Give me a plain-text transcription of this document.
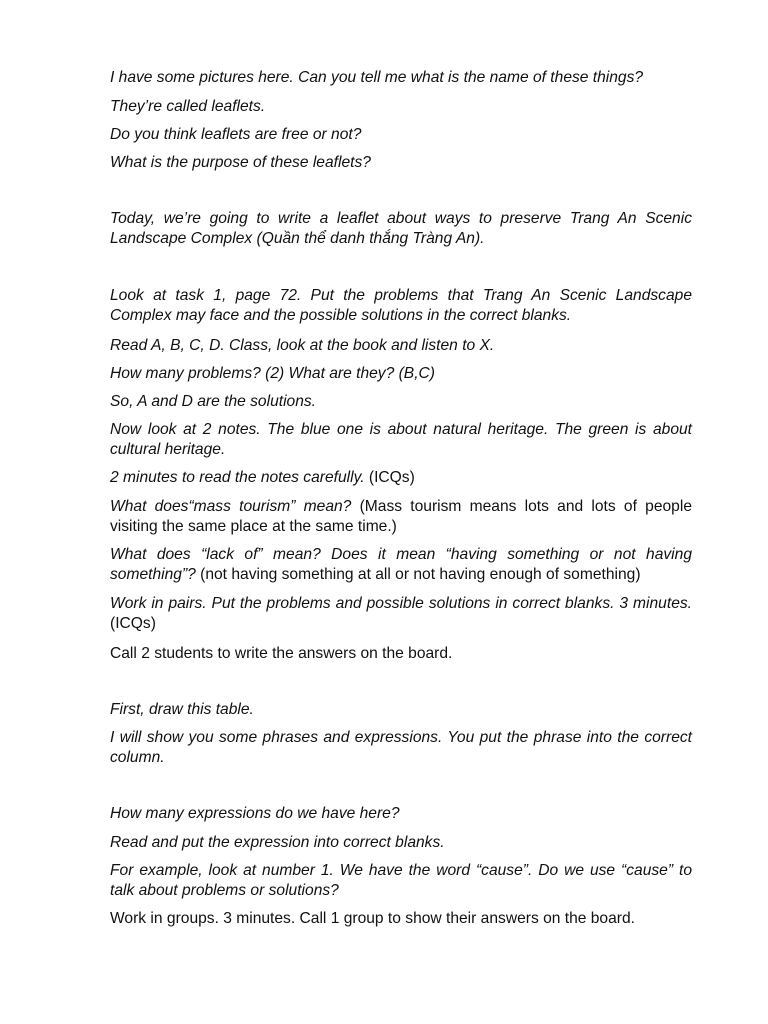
I have some pictures here. Can you tell me what is the name of these things?

They’re called leaflets.

Do you think leaflets are free or not?

What is the purpose of these leaflets?

Today, we’re going to write a leaflet about ways to preserve Trang An Scenic Landscape Complex (Quần thể danh thắng Tràng An).

Look at task 1, page 72. Put the problems that Trang An Scenic Landscape Complex may face and the possible solutions in the correct blanks.

Read A, B, C, D. Class, look at the book and listen to X.

How many problems? (2) What are they? (B,C)

So, A and D are the solutions.

Now look at 2 notes. The blue one is about natural heritage. The green is about cultural heritage.

2 minutes to read the notes carefully. (ICQs)

What does“mass tourism” mean? (Mass tourism means lots and lots of people visiting the same place at the same time.)

What does “lack of” mean? Does it mean “having something or not having something”? (not having something at all or not having enough of something)

Work in pairs. Put the problems and possible solutions in correct blanks. 3 minutes. (ICQs)

Call 2 students to write the answers on the board.

First, draw this table.

I will show you some phrases and expressions. You put the phrase into the correct column.

How many expressions do we have here?

Read and put the expression into correct blanks.

For example, look at number 1. We have the word “cause”. Do we use “cause” to talk about problems or solutions?

Work in groups. 3 minutes. Call 1 group to show their answers on the board.
